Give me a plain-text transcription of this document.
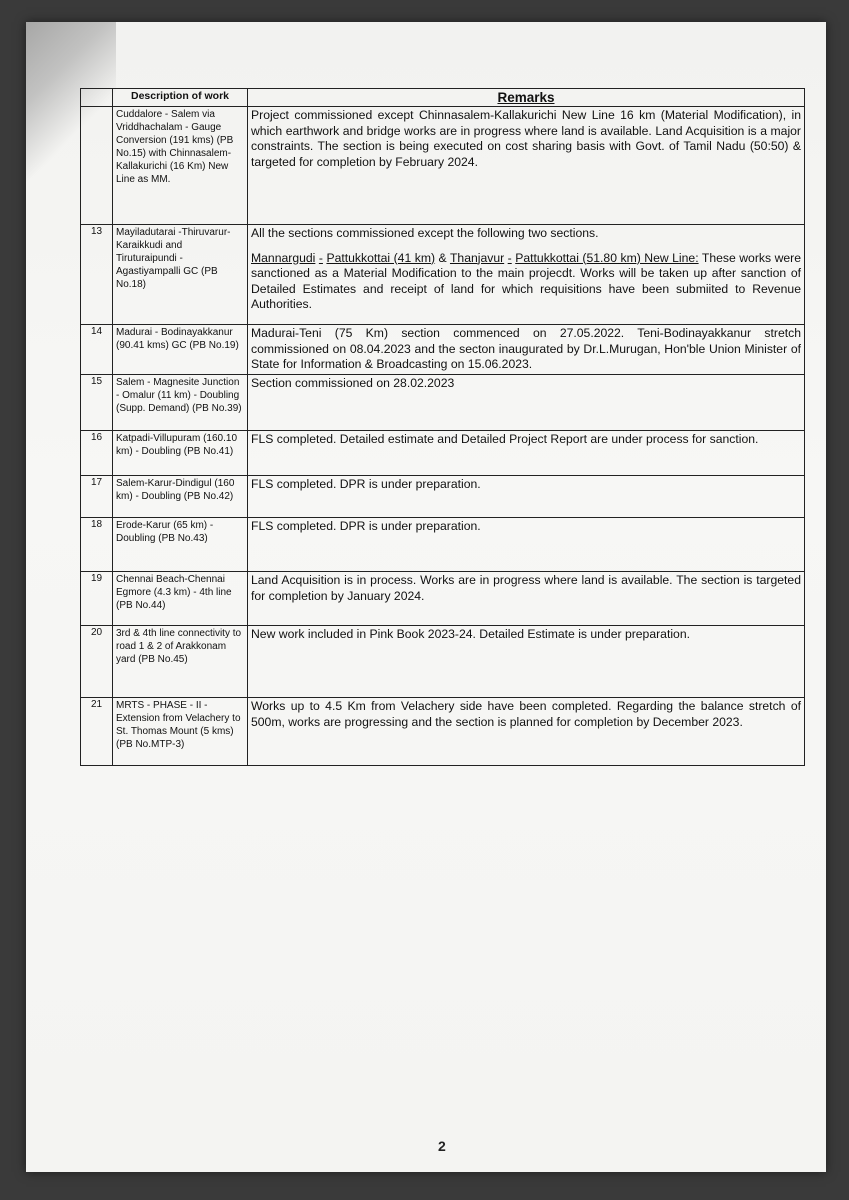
	Description of work	Remarks
	Cuddalore - Salem via Vriddhachalam - Gauge Conversion (191 kms) (PB No.15) with Chinnasalem-Kallakurichi (16 Km) New Line as MM.	Project commissioned except Chinnasalem-Kallakurichi New Line 16 km (Material Modification), in which earthwork and bridge works are in progress where land is available. Land Acquisition is a major constraints. The section is being executed on cost sharing basis with Govt. of Tamil Nadu (50:50) & targeted for completion by February 2024.
13	Mayiladutarai -Thiruvarur-Karaikkudi and Tiruturaipundi - Agastiyampalli GC (PB No.18)	All the sections commissioned except the following two sections.
Mannargudi - Pattukkottai (41 km) & Thanjavur - Pattukkottai (51.80 km) New Line: These works were sanctioned as a Material Modification to the main projecdt. Works will be taken up after sanction of Detailed Estimates and receipt of land for which requisitions have been submiited to Revenue Authorities.

14	Madurai - Bodinayakkanur (90.41 kms) GC (PB No.19)	Madurai-Teni (75 Km) section commenced on 27.05.2022. Teni-Bodinayakkanur stretch commissioned on 08.04.2023 and the secton inaugurated by Dr.L.Murugan, Hon'ble Union Minister of State for Information & Broadcasting on 15.06.2023.
15	Salem - Magnesite Junction - Omalur (11 km) - Doubling (Supp. Demand) (PB No.39)	Section commissioned on 28.02.2023
16	Katpadi-Villupuram (160.10 km) - Doubling (PB No.41)	FLS completed. Detailed estimate and Detailed Project Report are under process for sanction.
17	Salem-Karur-Dindigul (160 km) - Doubling (PB No.42)	FLS completed. DPR is under preparation.
18	Erode-Karur (65 km) - Doubling (PB No.43)	FLS completed. DPR is under preparation.
19	Chennai Beach-Chennai Egmore (4.3 km) - 4th line (PB No.44)	Land Acquisition is in process. Works are in progress where land is available. The section is targeted for completion by January 2024.
20	3rd & 4th line connectivity to road 1 & 2 of Arakkonam yard (PB No.45)	New work included in Pink Book 2023-24. Detailed Estimate is under preparation.
21	MRTS - PHASE - II - Extension from Velachery to St. Thomas Mount (5 kms) (PB No.MTP-3)	Works up to 4.5 Km from Velachery side have been completed. Regarding the balance stretch of 500m, works are progressing and the section is planned for completion by December 2023.
2
